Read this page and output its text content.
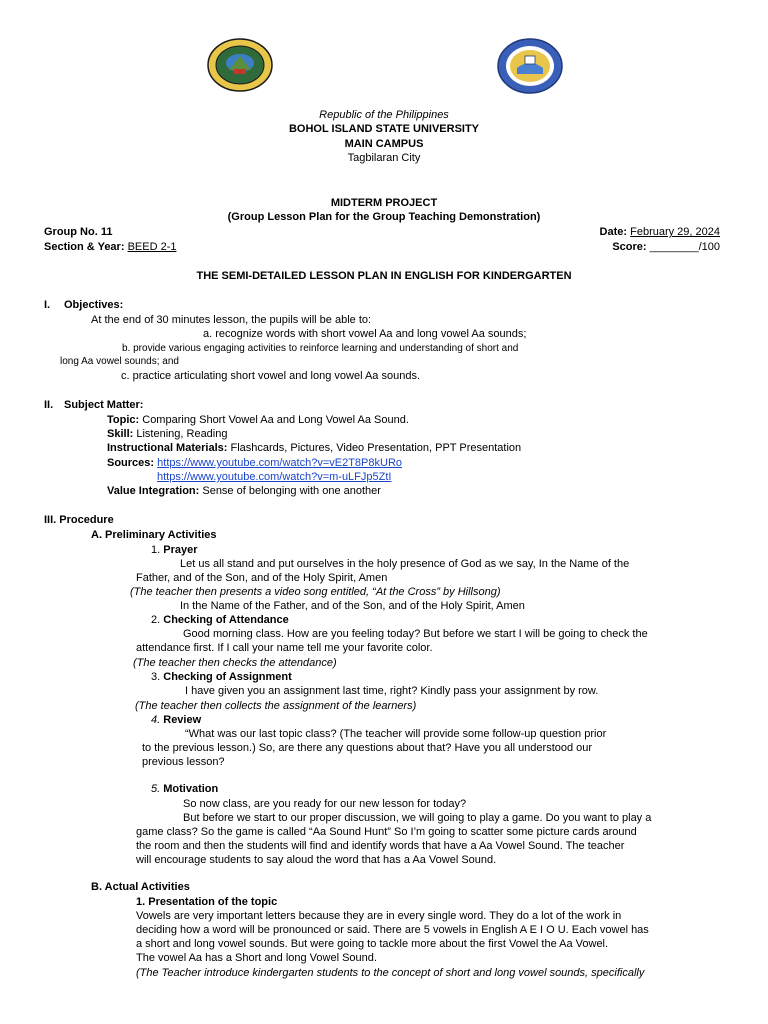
Republic of the Philippines
BOHOL ISLAND STATE UNIVERSITY
MAIN CAMPUS
Tagbilaran City
MIDTERM PROJECT
(Group Lesson Plan for the Group Teaching Demonstration)
Group No. 11
Section & Year: BEED 2-1
Date: February 29, 2024
Score: ________/100
THE SEMI-DETAILED LESSON PLAN IN ENGLISH FOR KINDERGARTEN
I. Objectives:
At the end of 30 minutes lesson, the pupils will be able to:
a. recognize words with short vowel Aa and long vowel Aa sounds;
b. provide various engaging activities to reinforce learning and understanding of short and
long Aa vowel sounds; and
c. practice articulating short vowel and long vowel Aa sounds.
II. Subject Matter:
Topic: Comparing Short Vowel Aa and Long Vowel Aa Sound.
Skill: Listening, Reading
Instructional Materials: Flashcards, Pictures, Video Presentation, PPT Presentation
Sources: https://www.youtube.com/watch?v=vE2T8P8kURo
https://www.youtube.com/watch?v=m-uLFJp5ZtI
Value Integration: Sense of belonging with one another
III. Procedure
A. Preliminary Activities
1. Prayer
Let us all stand and put ourselves in the holy presence of God as we say, In the Name of the
Father, and of the Son, and of the Holy Spirit, Amen
(The teacher then presents a video song entitled, “At the Cross” by Hillsong)
In the Name of the Father, and of the Son, and of the Holy Spirit, Amen
2. Checking of Attendance
Good morning class. How are you feeling today? But before we start I will be going to check the
attendance first. If I call your name tell me your favorite color.
(The teacher then checks the attendance)
3. Checking of Assignment
I have given you an assignment last time, right? Kindly pass your assignment by row.
(The teacher then collects the assignment of the learners)
4. Review
“What was our last topic class? (The teacher will provide some follow-up question prior
to the previous lesson.) So, are there any questions about that? Have you all understood our
previous lesson?
5. Motivation
So now class, are you ready for our new lesson for today?
But before we start to our proper discussion, we will going to play a game. Do you want to play a
game class? So the game is called “Aa Sound Hunt” So I’m going to scatter some picture cards around
the room and then the students will find and identify words that have a Aa Vowel Sound. The teacher
will encourage students to say aloud the word that has a Aa Vowel Sound.
B. Actual Activities
1. Presentation of the topic
Vowels are very important letters because they are in every single word. They do a lot of the work in
deciding how a word will be pronounced or said. There are 5 vowels in English A E I O U. Each vowel has
a short and long vowel sounds. But were going to tackle more about the first Vowel the Aa Vowel.
The vowel Aa has a Short and long Vowel Sound.
(The Teacher introduce kindergarten students to the concept of short and long vowel sounds, specifically
